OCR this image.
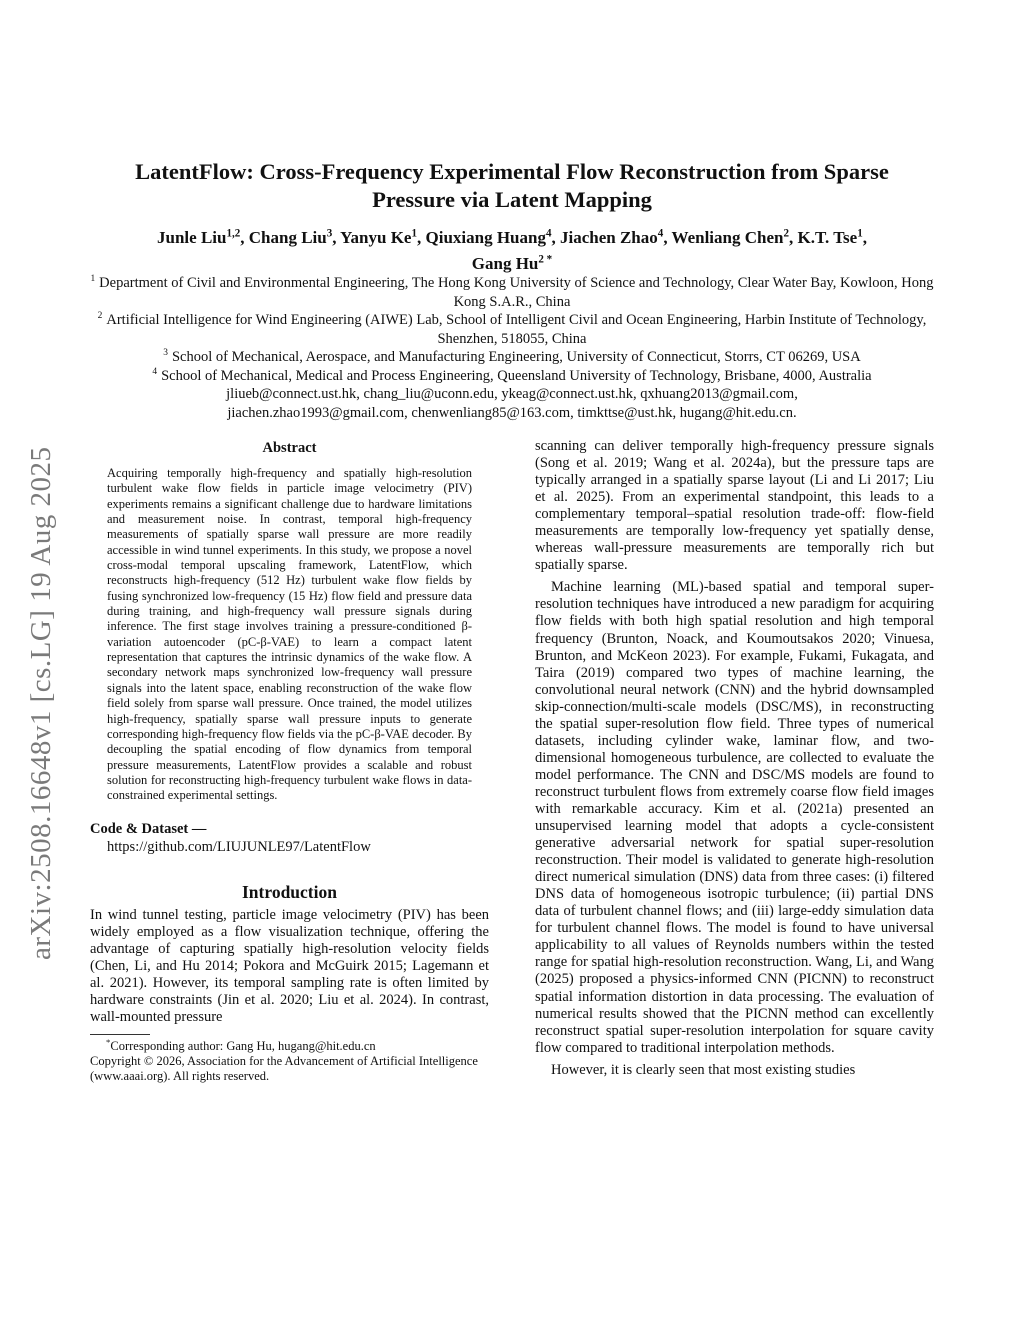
arXiv:2508.16648v1 [cs.LG] 19 Aug 2025
LatentFlow: Cross-Frequency Experimental Flow Reconstruction from Sparse
Pressure via Latent Mapping
Junle Liu$^{1,2}$, Chang Liu$^3$, Yanyu Ke$^1$, Qiuxiang Huang$^4$, Jiachen Zhao$^4$, Wenliang Chen$^2$, K.T. Tse$^1$,
Gang $Hu^{2 *}$
$^1$ Department of Civil and Environmental Engineering, The Hong Kong University of Science and Technology, Clear Water Bay, Kowloon, Hong Kong S.A.R., China
$^2$ Artificial Intelligence for Wind Engineering (AIWE) Lab, School of Intelligent Civil and Ocean Engineering, Harbin Institute of Technology, Shenzhen, 518055, China
$^3$ School of Mechanical, Aerospace, and Manufacturing Engineering, University of Connecticut, Storrs, CT 06269, USA
$^4$ School of Mechanical, Medical and Process Engineering, Queensland University of Technology, Brisbane, 4000, Australia
jliueb@connect.ust.hk, chang_liu@uconn.edu, ykeag@connect.ust.hk, qxhuang2013@gmail.com,
jiachen.zhao1993@gmail.com, chenwenliang85@163.com, timkttse@ust.hk, hugang@hit.edu.cn.
Abstract

Acquiring temporally high-frequency and spatially high-resolution turbulent wake flow fields in particle image velocimetry (PIV) experiments remains a significant challenge due to hardware limitations and measurement noise. In contrast, temporal high-frequency measurements of spatially sparse wall pressure are more readily accessible in wind tunnel experiments. In this study, we propose a novel cross-modal temporal upscaling framework, LatentFlow, which reconstructs high-frequency (512 Hz) turbulent wake flow fields by fusing synchronized low-frequency (15 Hz) flow field and pressure data during training, and high-frequency wall pressure signals during inference. The first stage involves training a pressure-conditioned β-variation autoencoder (pC-β-VAE) to learn a compact latent representation that captures the intrinsic dynamics of the wake flow. A secondary network maps synchronized low-frequency wall pressure signals into the latent space, enabling reconstruction of the wake flow field solely from sparse wall pressure. Once trained, the model utilizes high-frequency, spatially sparse wall pressure inputs to generate corresponding high-frequency flow fields via the pC-β-VAE decoder. By decoupling the spatial encoding of flow dynamics from temporal pressure measurements, LatentFlow provides a scalable and robust solution for reconstructing high-frequency turbulent wake flows in data-constrained experimental settings.

Code & Dataset —
https://github.com/LIUJUNLE97/LatentFlow
Introduction

In wind tunnel testing, particle image velocimetry (PIV) has been widely employed as a flow visualization technique, offering the advantage of capturing spatially high-resolution velocity fields (Chen, Li, and Hu 2014; Pokora and McGuirk 2015; Lagemann et al. 2021). However, its temporal sampling rate is often limited by hardware constraints (Jin et al. 2020; Liu et al. 2024). In contrast, wall-mounted pressure

*Corresponding author: Gang Hu, hugang@hit.edu.cn

Copyright © 2026, Association for the Advancement of Artificial Intelligence (www.aaai.org). All rights reserved.

scanning can deliver temporally high-frequency pressure signals (Song et al. 2019; Wang et al. 2024a), but the pressure taps are typically arranged in a spatially sparse layout (Li and Li 2017; Liu et al. 2025). From an experimental standpoint, this leads to a complementary temporal–spatial resolution trade-off: flow-field measurements are temporally low-frequency yet spatially dense, whereas wall-pressure measurements are temporally rich but spatially sparse.

Machine learning (ML)-based spatial and temporal super-resolution techniques have introduced a new paradigm for acquiring flow fields with both high spatial resolution and high temporal frequency (Brunton, Noack, and Koumoutsakos 2020; Vinuesa, Brunton, and McKeon 2023). For example, Fukami, Fukagata, and Taira (2019) compared two types of machine learning, the convolutional neural network (CNN) and the hybrid downsampled skip-connection/multi-scale models (DSC/MS), in reconstructing the spatial super-resolution flow field. Three types of numerical datasets, including cylinder wake, laminar flow, and two-dimensional homogeneous turbulence, are collected to evaluate the model performance. The CNN and DSC/MS models are found to reconstruct turbulent flows from extremely coarse flow field images with remarkable accuracy. Kim et al. (2021a) presented an unsupervised learning model that adopts a cycle-consistent generative adversarial network for spatial super-resolution reconstruction. Their model is validated to generate high-resolution direct numerical simulation (DNS) data from three cases: (i) filtered DNS data of homogeneous isotropic turbulence; (ii) partial DNS data of turbulent channel flows; and (iii) large-eddy simulation data for turbulent channel flows. The model is found to have universal applicability to all values of Reynolds numbers within the tested range for spatial high-resolution reconstruction. Wang, Li, and Wang (2025) proposed a physics-informed CNN (PICNN) to reconstruct spatial information distortion in data processing. The evaluation of numerical results showed that the PICNN method can excellently reconstruct spatial super-resolution interpolation for square cavity flow compared to traditional interpolation methods.

However, it is clearly seen that most existing studies
